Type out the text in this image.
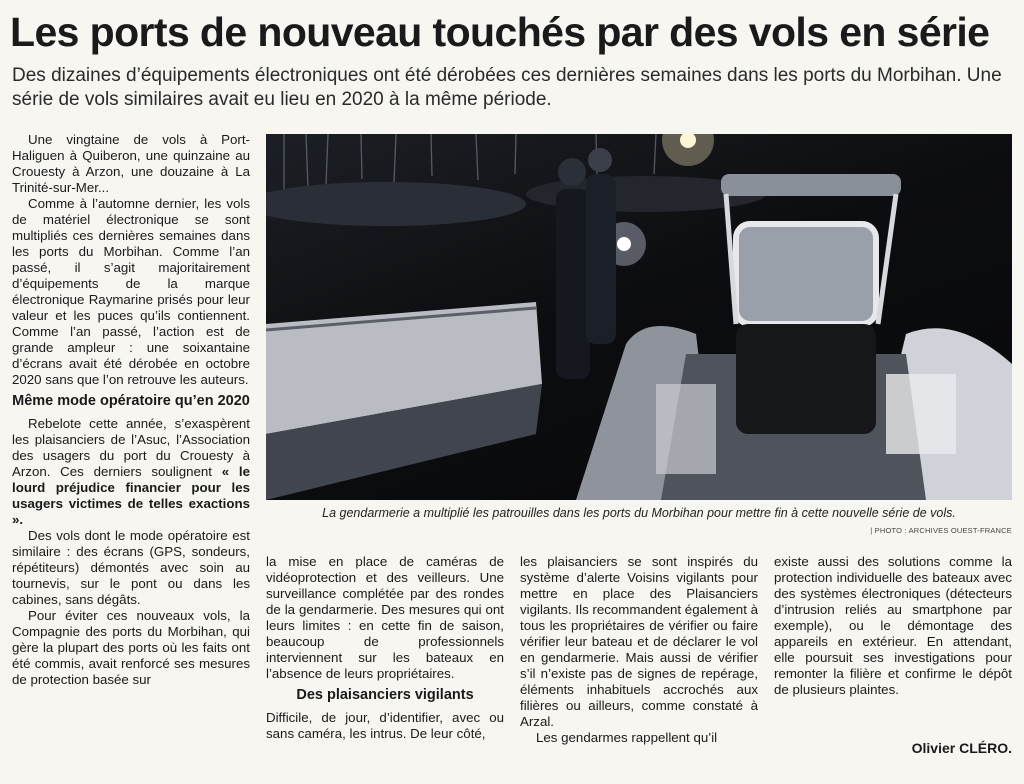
Les ports de nouveau touchés par des vols en série

Des dizaines d’équipements électroniques ont été dérobées ces dernières semaines dans les ports du Morbihan. Une série de vols similaires avait eu lieu en 2020 à la même période.

Une vingtaine de vols à Port-Haliguen à Quiberon, une quinzaine au Crouesty à Arzon, une douzaine à La Trinité-sur-Mer...

Comme à l’automne dernier, les vols de matériel électronique se sont multipliés ces dernières semaines dans les ports du Morbihan. Comme l’an passé, il s’agit majoritairement d’équipements de la marque électronique Raymarine prisés pour leur valeur et les puces qu’ils contiennent. Comme l’an passé, l’action est de grande ampleur : une soixantaine d’écrans avait été dérobée en octobre 2020 sans que l’on retrouve les auteurs.

Même mode opératoire qu’en 2020

Rebelote cette année, s’exaspèrent les plaisanciers de l’Asuc, l’Association des usagers du port du Crouesty à Arzon. Ces derniers soulignent « le lourd préjudice financier pour les usagers victimes de telles exactions ».

Des vols dont le mode opératoire est similaire : des écrans (GPS, sondeurs, répétiteurs) démontés avec soin au tournevis, sur le pont ou dans les cabines, sans dégâts.

Pour éviter ces nouveaux vols, la Compagnie des ports du Morbihan, qui gère la plupart des ports où les faits ont été commis, avait renforcé ses mesures de protection basée sur

La gendarmerie a multiplié les patrouilles dans les ports du Morbihan pour mettre fin à cette nouvelle série de vols.
| PHOTO : ARCHIVES OUEST-FRANCE

la mise en place de caméras de vidéoprotection et des veilleurs. Une surveillance complétée par des rondes de la gendarmerie. Des mesures qui ont leurs limites : en cette fin de saison, beaucoup de professionnels interviennent sur les bateaux en l’absence de leurs propriétaires.

Des plaisanciers vigilants

Difficile, de jour, d’identifier, avec ou sans caméra, les intrus. De leur côté,

les plaisanciers se sont inspirés du système d’alerte Voisins vigilants pour mettre en place des Plaisanciers vigilants. Ils recommandent également à tous les propriétaires de vérifier ou faire vérifier leur bateau et de déclarer le vol en gendarmerie. Mais aussi de vérifier s’il n’existe pas de signes de repérage, éléments inhabituels accrochés aux filières ou ailleurs, comme constaté à Arzal.

Les gendarmes rappellent qu’il

existe aussi des solutions comme la protection individuelle des bateaux avec des systèmes électroniques (détecteurs d’intrusion reliés au smartphone par exemple), ou le démontage des appareils en extérieur. En attendant, elle poursuit ses investigations pour remonter la filière et confirme le dépôt de plusieurs plaintes.

Olivier CLÉRO.
